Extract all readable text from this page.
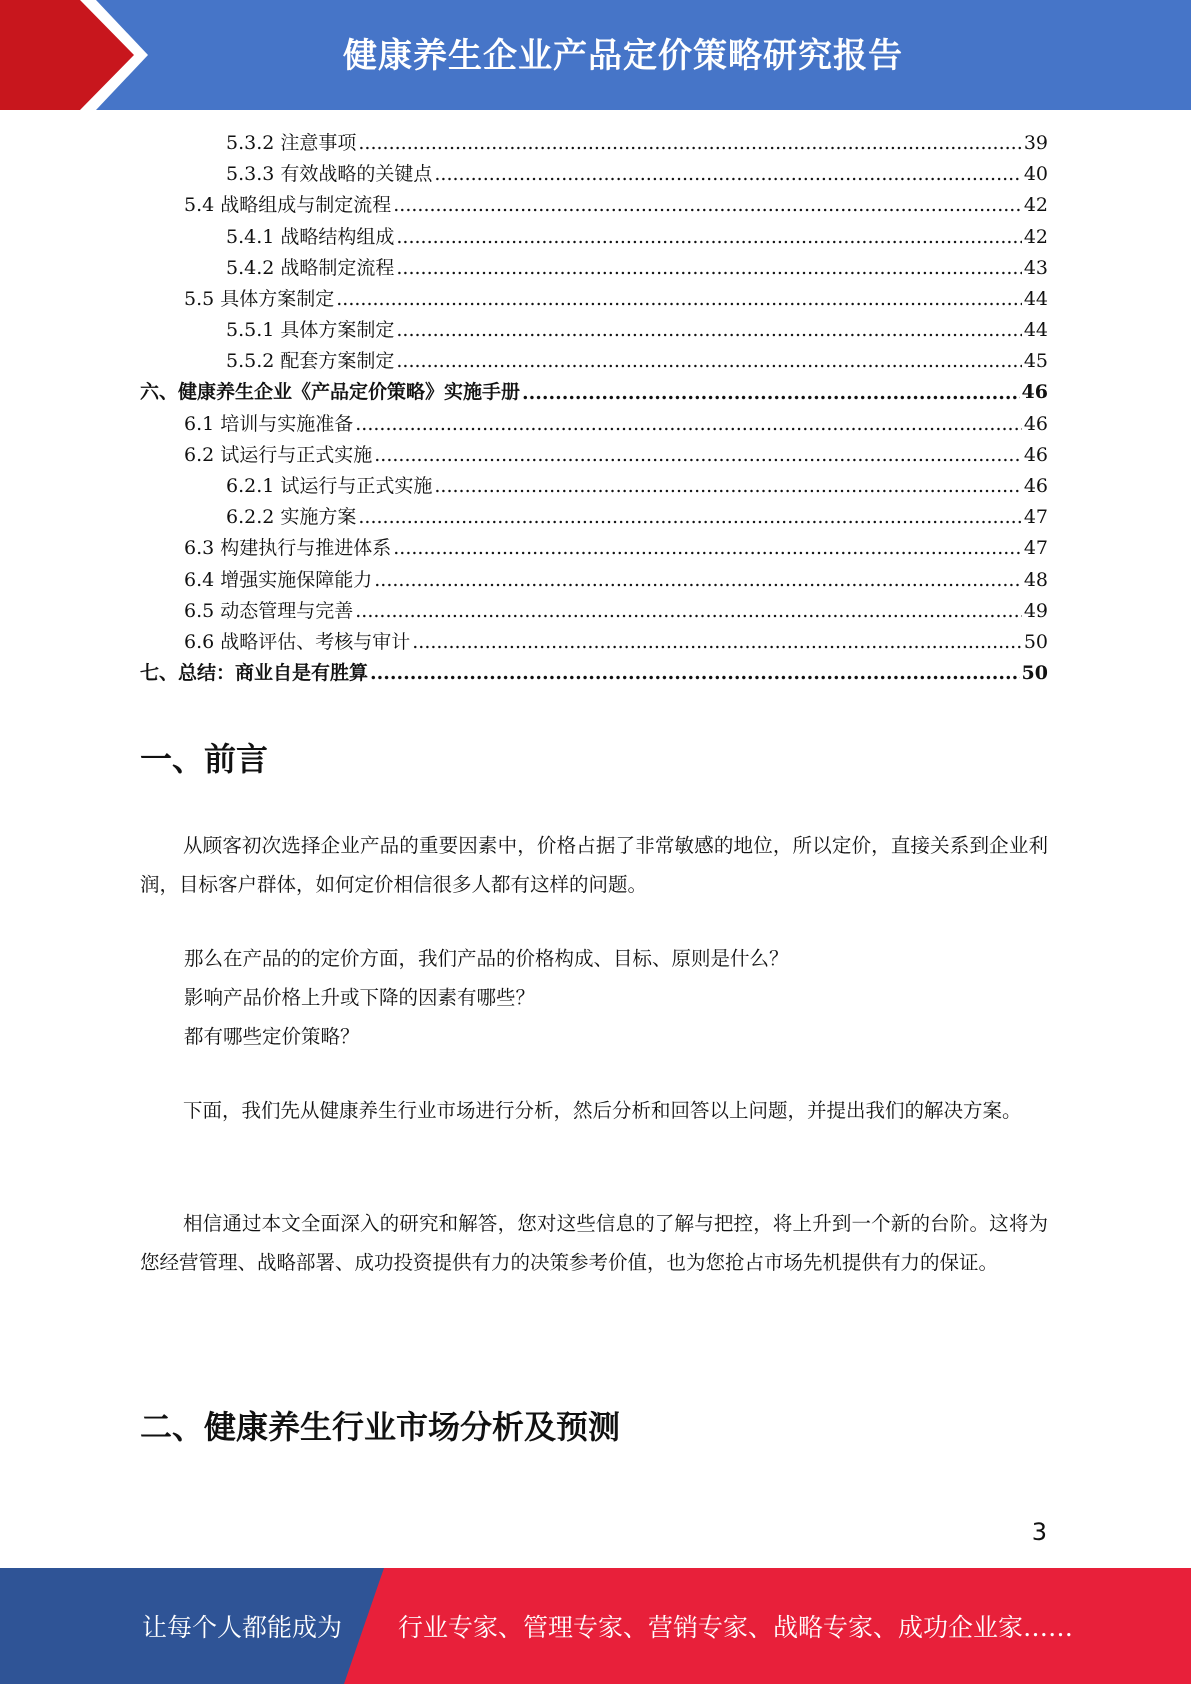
健康养生企业产品定价策略研究报告
5.3.2 注意事项 .....	39
5.3.3 有效战略的关键点 .....	40
5.4 战略组成与制定流程 .....	42
5.4.1 战略结构组成 .....	42
5.4.2 战略制定流程 .....	43
5.5 具体方案制定 .....	44
5.5.1 具体方案制定 .....	44
5.5.2 配套方案制定 .....	45
六、健康养生企业《产品定价策略》实施手册 .....	46
6.1 培训与实施准备 .....	46
6.2 试运行与正式实施 .....	46
6.2.1 试运行与正式实施 .....	46
6.2.2 实施方案 .....	47
6.3 构建执行与推进体系 .....	47
6.4 增强实施保障能力 .....	48
6.5 动态管理与完善 .....	49
6.6 战略评估、考核与审计 .....	50
七、总结：商业自是有胜算 .....	50
一、前言

从顾客初次选择企业产品的重要因素中，价格占据了非常敏感的地位，所以定价，直接关系到企业利润，目标客户群体，如何定价相信很多人都有这样的问题。

那么在产品的的定价方面，我们产品的价格构成、目标、原则是什么？

影响产品价格上升或下降的因素有哪些？

都有哪些定价策略？

下面，我们先从健康养生行业市场进行分析，然后分析和回答以上问题，并提出我们的解决方案。

相信通过本文全面深入的研究和解答，您对这些信息的了解与把控，将上升到一个新的台阶。这将为您经营管理、战略部署、成功投资提供有力的决策参考价值，也为您抢占市场先机提供有力的保证。

二、健康养生行业市场分析及预测
3
让每个人都能成为 行业专家、管理专家、营销专家、战略专家、成功企业家……
